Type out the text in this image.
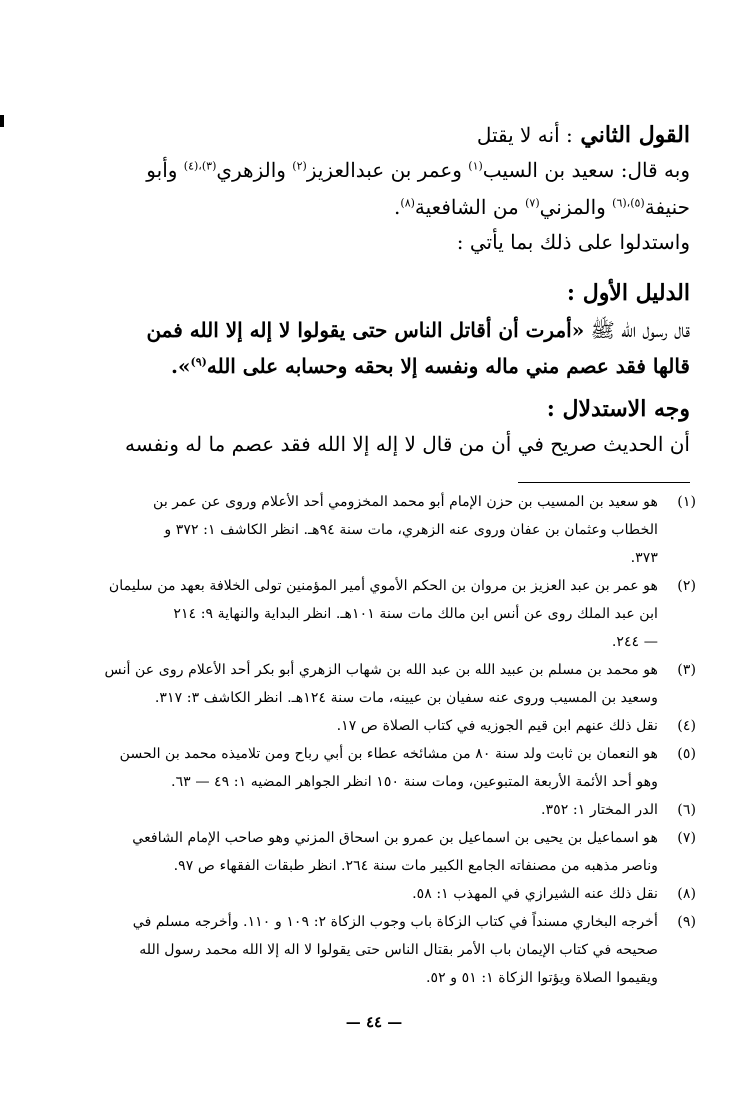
القول الثاني : أنه لا يقتل
وبه قال: سعيد بن السيب$^{(١)}$ وعمر بن عبدالعزيز$^{(٢)}$ والزهري$^{(٣)،(٤)}$ وأبو
حنيفة$^{(٥)،(٦)}$ والمزني$^{(٧)}$ من الشافعية$^{(٨)}$.
واستدلوا على ذلك بما يأتي :
الدليل الأول :
قال رسول الله ﷺ «أمرت أن أقاتل الناس حتى يقولوا لا إله إلا الله فمن
قالها فقد عصم مني ماله ونفسه إلا بحقه وحسابه على الله$^{(٩)}$».
وجه الاستدلال :
أن الحديث صريح في أن من قال لا إله إلا الله فقد عصم ما له ونفسه
(١)
هو سعيد بن المسيب بن حزن الإمام أبو محمد المخزومي أحد الأعلام وروى عن عمر بن
الخطاب وعثمان بن عفان وروى عنه الزهري، مات سنة ٩٤هـ. انظر الكاشف ١: ٣٧٢ و
٣٧٣.
(٢)
هو عمر بن عبد العزيز بن مروان بن الحكم الأموي أمير المؤمنين تولى الخلافة بعهد من سليمان
ابن عبد الملك روى عن أنس ابن مالك مات سنة ١٠١هـ. انظر البداية والنهاية ٩: ٢١٤
— ٢٤٤.
(٣)
هو محمد بن مسلم بن عبيد الله بن عبد الله بن شهاب الزهري أبو بكر أحد الأعلام روى عن أنس
وسعيد بن المسيب وروى عنه سفيان بن عيينه، مات سنة ١٢٤هـ. انظر الكاشف ٣: ٣١٧.
(٤)
نقل ذلك عنهم ابن قيم الجوزيه في كتاب الصلاة ص ١٧.
(٥)
هو النعمان بن ثابت ولد سنة ٨٠ من مشائخه عطاء بن أبي رباح ومن تلاميذه محمد بن الحسن
وهو أحد الأئمة الأربعة المتبوعين، ومات سنة ١٥٠ انظر الجواهر المضيه ١: ٤٩ — ٦٣.
(٦)
الدر المختار ١: ٣٥٢.
(٧)
هو اسماعيل بن يحيى بن اسماعيل بن عمرو بن اسحاق المزني وهو صاحب الإمام الشافعي
وناصر مذهبه من مصنفاته الجامع الكبير مات سنة ٢٦٤. انظر طبقات الفقهاء ص ٩٧.
(٨)
نقل ذلك عنه الشيرازي في المهذب ١: ٥٨.
(٩)
أخرجه البخاري مسنداً في كتاب الزكاة باب وجوب الزكاة ٢: ١٠٩ و ١١٠. وأخرجه مسلم في
صحيحه في كتاب الإيمان باب الأمر بقتال الناس حتى يقولوا لا اله إلا الله محمد رسول الله
ويقيموا الصلاة ويؤتوا الزكاة ١: ٥١ و ٥٢.
— ٤٤ —
